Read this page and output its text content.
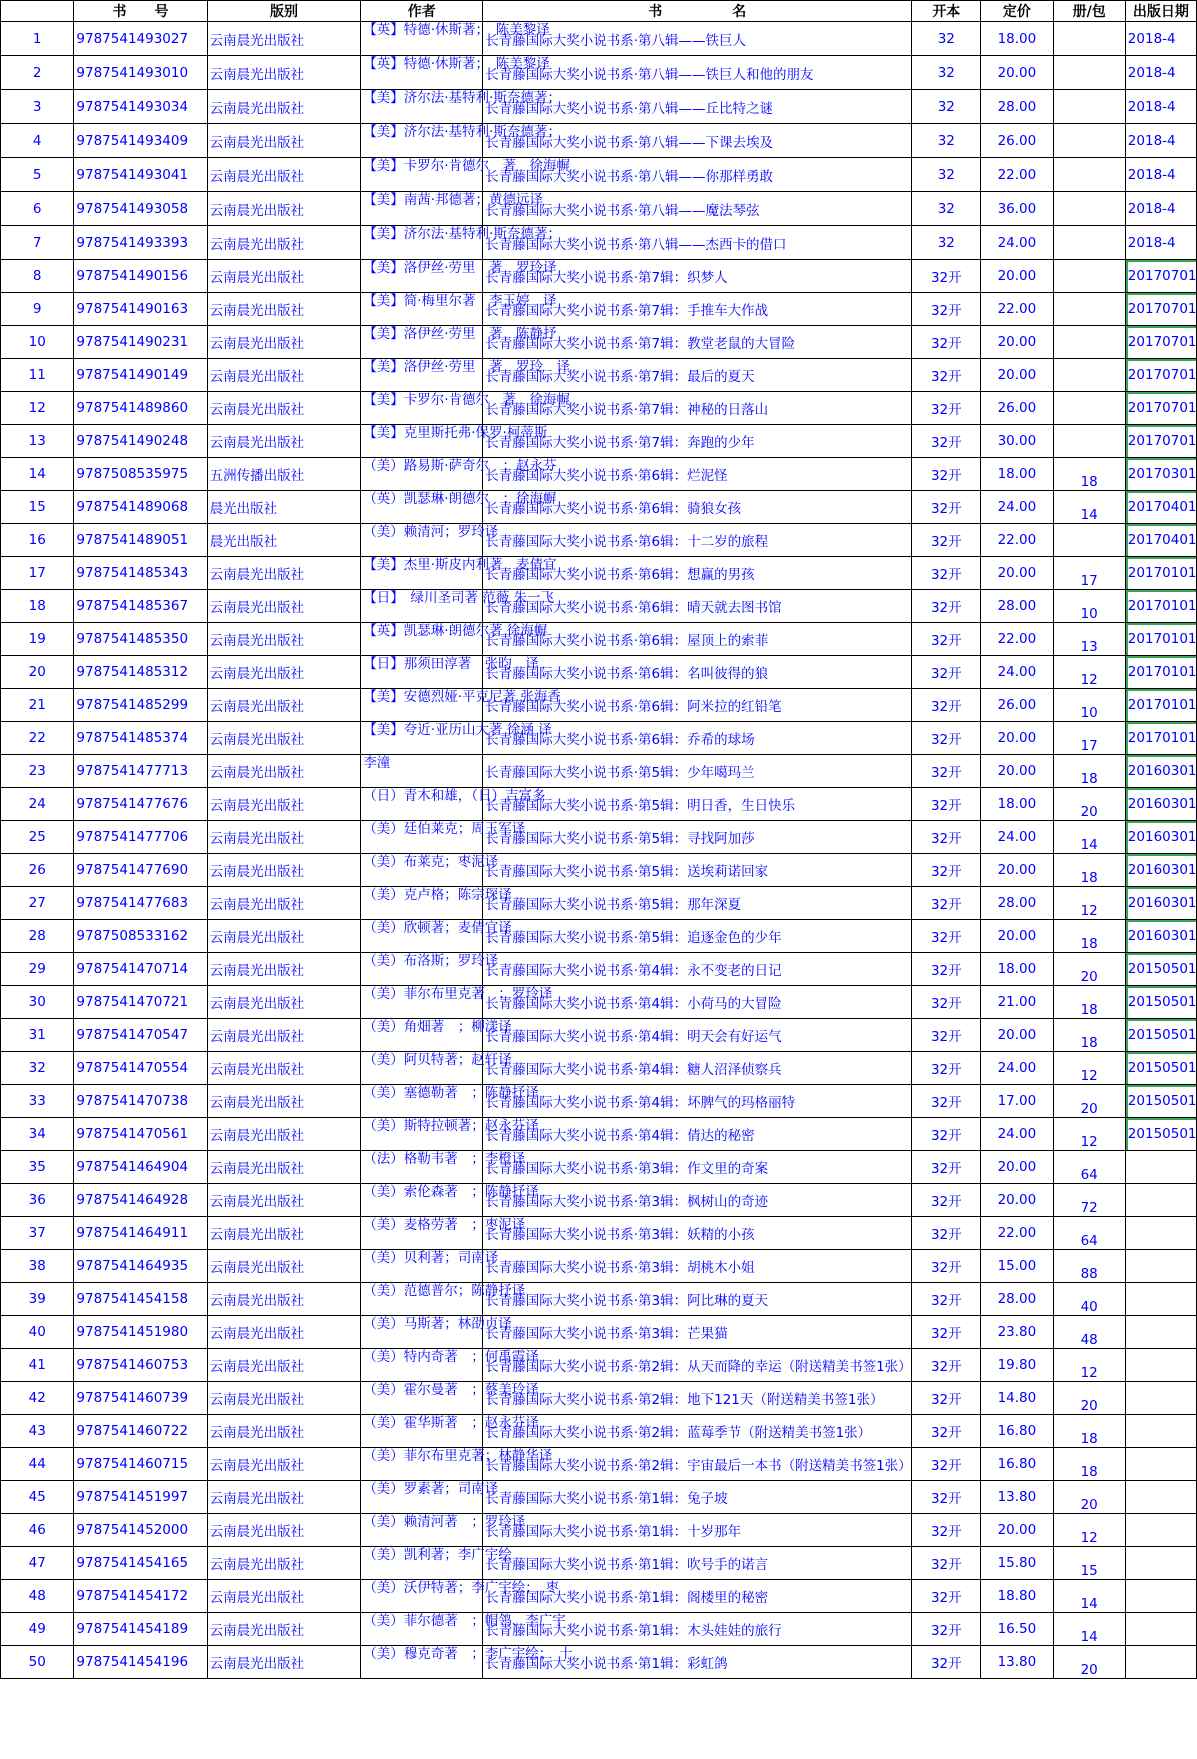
	书　　号	版别	作者	书　　　　　名	开本	定价	册/包	出版日期
1	9787541493027	云南晨光出版社	【英】特德·休斯著；　陈美黎译	长青藤国际大奖小说书系·第八辑——铁巨人	32	18.00		2018-4
2	9787541493010	云南晨光出版社	【英】特德·休斯著；　陈美黎译	长青藤国际大奖小说书系·第八辑——铁巨人和他的朋友	32	20.00		2018-4
3	9787541493034	云南晨光出版社	【美】济尔法·基特利·斯奈德著；	长青藤国际大奖小说书系·第八辑——丘比特之谜	32	28.00		2018-4
4	9787541493409	云南晨光出版社	【美】济尔法·基特利·斯奈德著；	长青藤国际大奖小说书系·第八辑——下课去埃及	32	26.00		2018-4
5	9787541493041	云南晨光出版社	【美】卡罗尔·肯德尔　著　徐海幈	长青藤国际大奖小说书系·第八辑——你那样勇敢	32	22.00		2018-4
6	9787541493058	云南晨光出版社	【美】南茜·邦德著；黄德远译	长青藤国际大奖小说书系·第八辑——魔法琴弦	32	36.00		2018-4
7	9787541493393	云南晨光出版社	【美】济尔法·基特利·斯奈德著；	长青藤国际大奖小说书系·第八辑——杰西卡的借口	32	24.00		2018-4
8	9787541490156	云南晨光出版社	【美】洛伊丝·劳里　著　罗玲译	长青藤国际大奖小说书系·第7辑：织梦人	32开	20.00		20170701
9	9787541490163	云南晨光出版社	【美】简·梅里尔著　李玉婷　译	长青藤国际大奖小说书系·第7辑：手推车大作战	32开	22.00		20170701
10	9787541490231	云南晨光出版社	【美】洛伊丝·劳里　著　陈静抒	长青藤国际大奖小说书系·第7辑：教堂老鼠的大冒险	32开	20.00		20170701
11	9787541490149	云南晨光出版社	【美】洛伊丝·劳里　著　罗玲　译	长青藤国际大奖小说书系·第7辑：最后的夏天	32开	20.00		20170701
12	9787541489860	云南晨光出版社	【美】卡罗尔·肯德尔　著　徐海幈	长青藤国际大奖小说书系·第7辑：神秘的日落山	32开	26.00		20170701
13	9787541490248	云南晨光出版社	【美】克里斯托弗·保罗·柯蒂斯	长青藤国际大奖小说书系·第7辑：奔跑的少年	32开	30.00		20170701
14	9787508535975	五洲传播出版社	（美）路易斯·萨奇尔　；赵永芬	长青藤国际大奖小说书系·第6辑：烂泥怪	32开	18.00	18	20170301
15	9787541489068	晨光出版社	（英）凯瑟琳·朗德尔　；徐海幈	长青藤国际大奖小说书系·第6辑：骑狼女孩	32开	24.00	14	20170401
16	9787541489051	晨光出版社	（美）赖清河；罗玲译	长青藤国际大奖小说书系·第6辑：十二岁的旅程	32开	22.00		20170401
17	9787541485343	云南晨光出版社	【美】杰里·斯皮内利著　麦倩宜	长青藤国际大奖小说书系·第6辑：想赢的男孩	32开	20.00	17	20170101
18	9787541485367	云南晨光出版社	【日】　绿川圣司著 范薇 朱一飞	长青藤国际大奖小说书系·第6辑：晴天就去图书馆	32开	28.00	10	20170101
19	9787541485350	云南晨光出版社	【英】凯瑟琳·朗德尔著 徐海幈	长青藤国际大奖小说书系·第6辑：屋顶上的索菲	32开	22.00	13	20170101
20	9787541485312	云南晨光出版社	【日】那须田淳著　张昀　译	长青藤国际大奖小说书系·第6辑：名叫彼得的狼	32开	24.00	12	20170101
21	9787541485299	云南晨光出版社	【美】安德烈娅·平克尼著 张海香	长青藤国际大奖小说书系·第6辑：阿米拉的红铅笔	32开	26.00	10	20170101
22	9787541485374	云南晨光出版社	【美】夸近·亚历山大著 徐涵 译	长青藤国际大奖小说书系·第6辑：乔希的球场	32开	20.00	17	20170101
23	9787541477713	云南晨光出版社	李潼	长青藤国际大奖小说书系·第5辑：少年噶玛兰	32开	20.00	18	20160301
24	9787541477676	云南晨光出版社	（日）青木和雄，（日）吉富多	长青藤国际大奖小说书系·第5辑：明日香，生日快乐	32开	18.00	20	20160301
25	9787541477706	云南晨光出版社	（美）廷伯莱克；周玉军译	长青藤国际大奖小说书系·第5辑：寻找阿加莎	32开	24.00	14	20160301
26	9787541477690	云南晨光出版社	（美）布莱克；枣泥译	长青藤国际大奖小说书系·第5辑：送埃莉诺回家	32开	20.00	18	20160301
27	9787541477683	云南晨光出版社	（美）克卢格；陈宗琛译	长青藤国际大奖小说书系·第5辑：那年深夏	32开	28.00	12	20160301
28	9787508533162	云南晨光出版社	（美）欣顿著；麦倩宜译	长青藤国际大奖小说书系·第5辑：追逐金色的少年	32开	20.00	18	20160301
29	9787541470714	云南晨光出版社	（美）布洛斯；罗玲译	长青藤国际大奖小说书系·第4辑：永不变老的日记	32开	18.00	20	20150501
30	9787541470721	云南晨光出版社	（美）菲尔布里克著　；罗玲译	长青藤国际大奖小说书系·第4辑：小荷马的大冒险	32开	21.00	18	20150501
31	9787541470547	云南晨光出版社	（美）角畑著　；柳漾译	长青藤国际大奖小说书系·第4辑：明天会有好运气	32开	20.00	18	20150501
32	9787541470554	云南晨光出版社	（美）阿贝特著；赵轩译	长青藤国际大奖小说书系·第4辑：糖人沼泽侦察兵	32开	24.00	12	20150501
33	9787541470738	云南晨光出版社	（美）塞德勒著　；陈静抒译	长青藤国际大奖小说书系·第4辑：坏脾气的玛格丽特	32开	17.00	20	20150501
34	9787541470561	云南晨光出版社	（美）斯特拉顿著；赵永芬译	长青藤国际大奖小说书系·第4辑：倩达的秘密	32开	24.00	12	20150501
35	9787541464904	云南晨光出版社	（法）格勒韦著　；李橙译	长青藤国际大奖小说书系·第3辑：作文里的奇案	32开	20.00	64	
36	9787541464928	云南晨光出版社	（美）索伦森著　；陈静抒译	长青藤国际大奖小说书系·第3辑：枫树山的奇迹	32开	20.00	72	
37	9787541464911	云南晨光出版社	（美）麦格劳著　；枣泥译	长青藤国际大奖小说书系·第3辑：妖精的小孩	32开	22.00	64	
38	9787541464935	云南晨光出版社	（美）贝利著；司南译	长青藤国际大奖小说书系·第3辑：胡桃木小姐	32开	15.00	88	
39	9787541454158	云南晨光出版社	（美）范德普尔；陈静抒译	长青藤国际大奖小说书系·第3辑：阿比琳的夏天	32开	28.00	40	
40	9787541451980	云南晨光出版社	（美）马斯著；林劭贞译	长青藤国际大奖小说书系·第3辑：芒果猫	32开	23.80	48	
41	9787541460753	云南晨光出版社	（美）特内奇著　；何禹霞译	长青藤国际大奖小说书系·第2辑：从天而降的幸运（附送精美书签1张）	32开	19.80	12	
42	9787541460739	云南晨光出版社	（美）霍尔曼著　；蔡美玲译	长青藤国际大奖小说书系·第2辑：地下121天（附送精美书签1张）	32开	14.80	20	
43	9787541460722	云南晨光出版社	（美）霍华斯著　；赵永芬译	长青藤国际大奖小说书系·第2辑：蓝莓季节（附送精美书签1张）	32开	16.80	18	
44	9787541460715	云南晨光出版社	（美）菲尔布里克著；林静华译	长青藤国际大奖小说书系·第2辑：宇宙最后一本书（附送精美书签1张）	32开	16.80	18	
45	9787541451997	云南晨光出版社	（美）罗素著；司南译	长青藤国际大奖小说书系·第1辑：兔子坡	32开	13.80	20	
46	9787541452000	云南晨光出版社	（美）赖清河著　；罗玲译	长青藤国际大奖小说书系·第1辑：十岁那年	32开	20.00	12	
47	9787541454165	云南晨光出版社	（美）凯利著；李广宇绘	长青藤国际大奖小说书系·第1辑：吹号手的诺言	32开	15.80	15	
48	9787541454172	云南晨光出版社	（美）沃伊特著；李广宇绘；　枣	长青藤国际大奖小说书系·第1辑：阁楼里的秘密	32开	18.80	14	
49	9787541454189	云南晨光出版社	（美）菲尔德著　；帽鸰、李广宇	长青藤国际大奖小说书系·第1辑：木头娃娃的旅行	32开	16.50	14	
50	9787541454196	云南晨光出版社	（美）穆克奇著　；李广宇绘；　十	长青藤国际大奖小说书系·第1辑：彩虹鸽	32开	13.80	20	
